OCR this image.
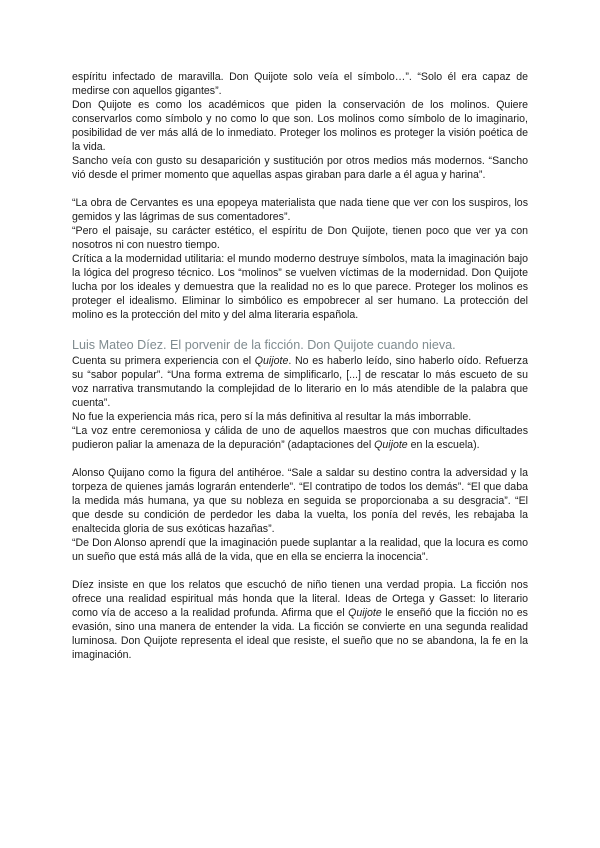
espíritu infectado de maravilla. Don Quijote solo veía el símbolo…”. “Solo él era capaz de medirse con aquellos gigantes”.

Don Quijote es como los académicos que piden la conservación de los molinos. Quiere conservarlos como símbolo y no como lo que son. Los molinos como símbolo de lo imaginario, posibilidad de ver más allá de lo inmediato. Proteger los molinos es proteger la visión poética de la vida.

Sancho veía con gusto su desaparición y sustitución por otros medios más modernos. “Sancho vió desde el primer momento que aquellas aspas giraban para darle a él agua y harina”.

“La obra de Cervantes es una epopeya materialista que nada tiene que ver con los suspiros, los gemidos y las lágrimas de sus comentadores”.

“Pero el paisaje, su carácter estético, el espíritu de Don Quijote, tienen poco que ver ya con nosotros ni con nuestro tiempo.

Crítica a la modernidad utilitaria: el mundo moderno destruye símbolos, mata la imaginación bajo la lógica del progreso técnico. Los “molinos” se vuelven víctimas de la modernidad. Don Quijote lucha por los ideales y demuestra que la realidad no es lo que parece. Proteger los molinos es proteger el idealismo. Eliminar lo simbólico es empobrecer al ser humano. La protección del molino es la protección del mito y del alma literaria española.

Luis Mateo Díez. El porvenir de la ficción. Don Quijote cuando nieva.

Cuenta su primera experiencia con el Quijote. No es haberlo leído, sino haberlo oído. Refuerza su “sabor popular”. “Una forma extrema de simplificarlo, [...] de rescatar lo más escueto de su voz narrativa transmutando la complejidad de lo literario en lo más atendible de la palabra que cuenta”.

No fue la experiencia más rica, pero sí la más definitiva al resultar la más imborrable.

“La voz entre ceremoniosa y cálida de uno de aquellos maestros que con muchas dificultades pudieron paliar la amenaza de la depuración” (adaptaciones del Quijote en la escuela).

Alonso Quijano como la figura del antihéroe. “Sale a saldar su destino contra la adversidad y la torpeza de quienes jamás lograrán entenderle”. “El contratipo de todos los demás”. “El que daba la medida más humana, ya que su nobleza en seguida se proporcionaba a su desgracia”. “El que desde su condición de perdedor les daba la vuelta, los ponía del revés, les rebajaba la enaltecida gloria de sus exóticas hazañas”.

“De Don Alonso aprendí que la imaginación puede suplantar a la realidad, que la locura es como un sueño que está más allá de la vida, que en ella se encierra la inocencia”.

Díez insiste en que los relatos que escuchó de niño tienen una verdad propia. La ficción nos ofrece una realidad espiritual más honda que la literal. Ideas de Ortega y Gasset: lo literario como vía de acceso a la realidad profunda. Afirma que el Quijote le enseñó que la ficción no es evasión, sino una manera de entender la vida. La ficción se convierte en una segunda realidad luminosa. Don Quijote representa el ideal que resiste, el sueño que no se abandona, la fe en la imaginación.
